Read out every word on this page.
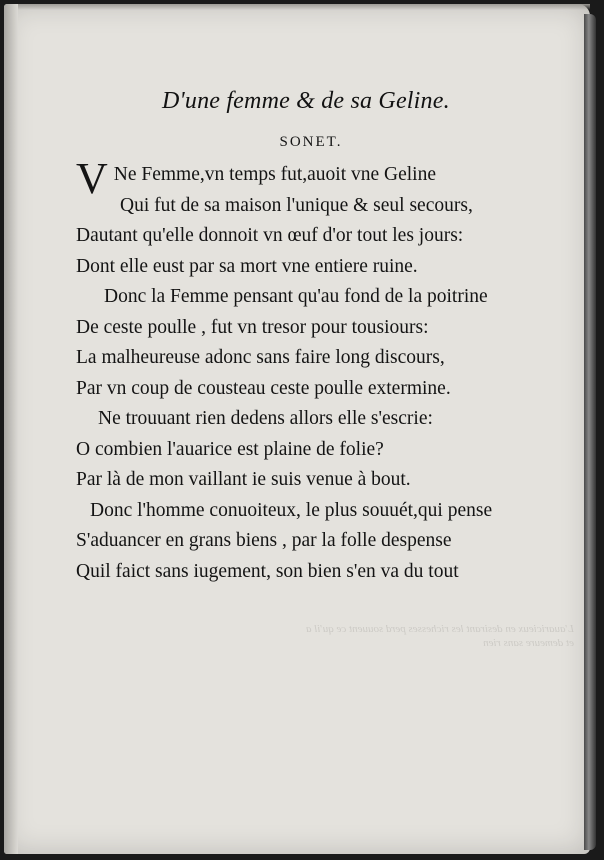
D'une femme & de sa Geline.
SONET.
V Ne Femme,vn temps fut,auoit vne Geline
Qui fut de sa maison l'unique & seul secours,
Dautant qu'elle donnoit vn œuf d'or tout les jours:
Dont elle eust par sa mort vne entiere ruine.
Donc la Femme pensant qu'au fond de la poitrine
De ceste poulle , fut vn tresor pour tousiours:
La malheureuse adonc sans faire long discours,
Par vn coup de cousteau ceste poulle extermine.
Ne trouuant rien dedens allors elle s'escrie:
O combien l'auarice est plaine de folie?
Par là de mon vaillant ie suis venue à bout.
Donc l'homme conuoiteux, le plus souuét,qui pense
S'aduancer en grans biens , par la folle despense
Quil faict sans iugement, son bien s'en va du tout
L'auaricieux en desirant les richesses perd souuent ce qu'il a
et demeure sans rien
